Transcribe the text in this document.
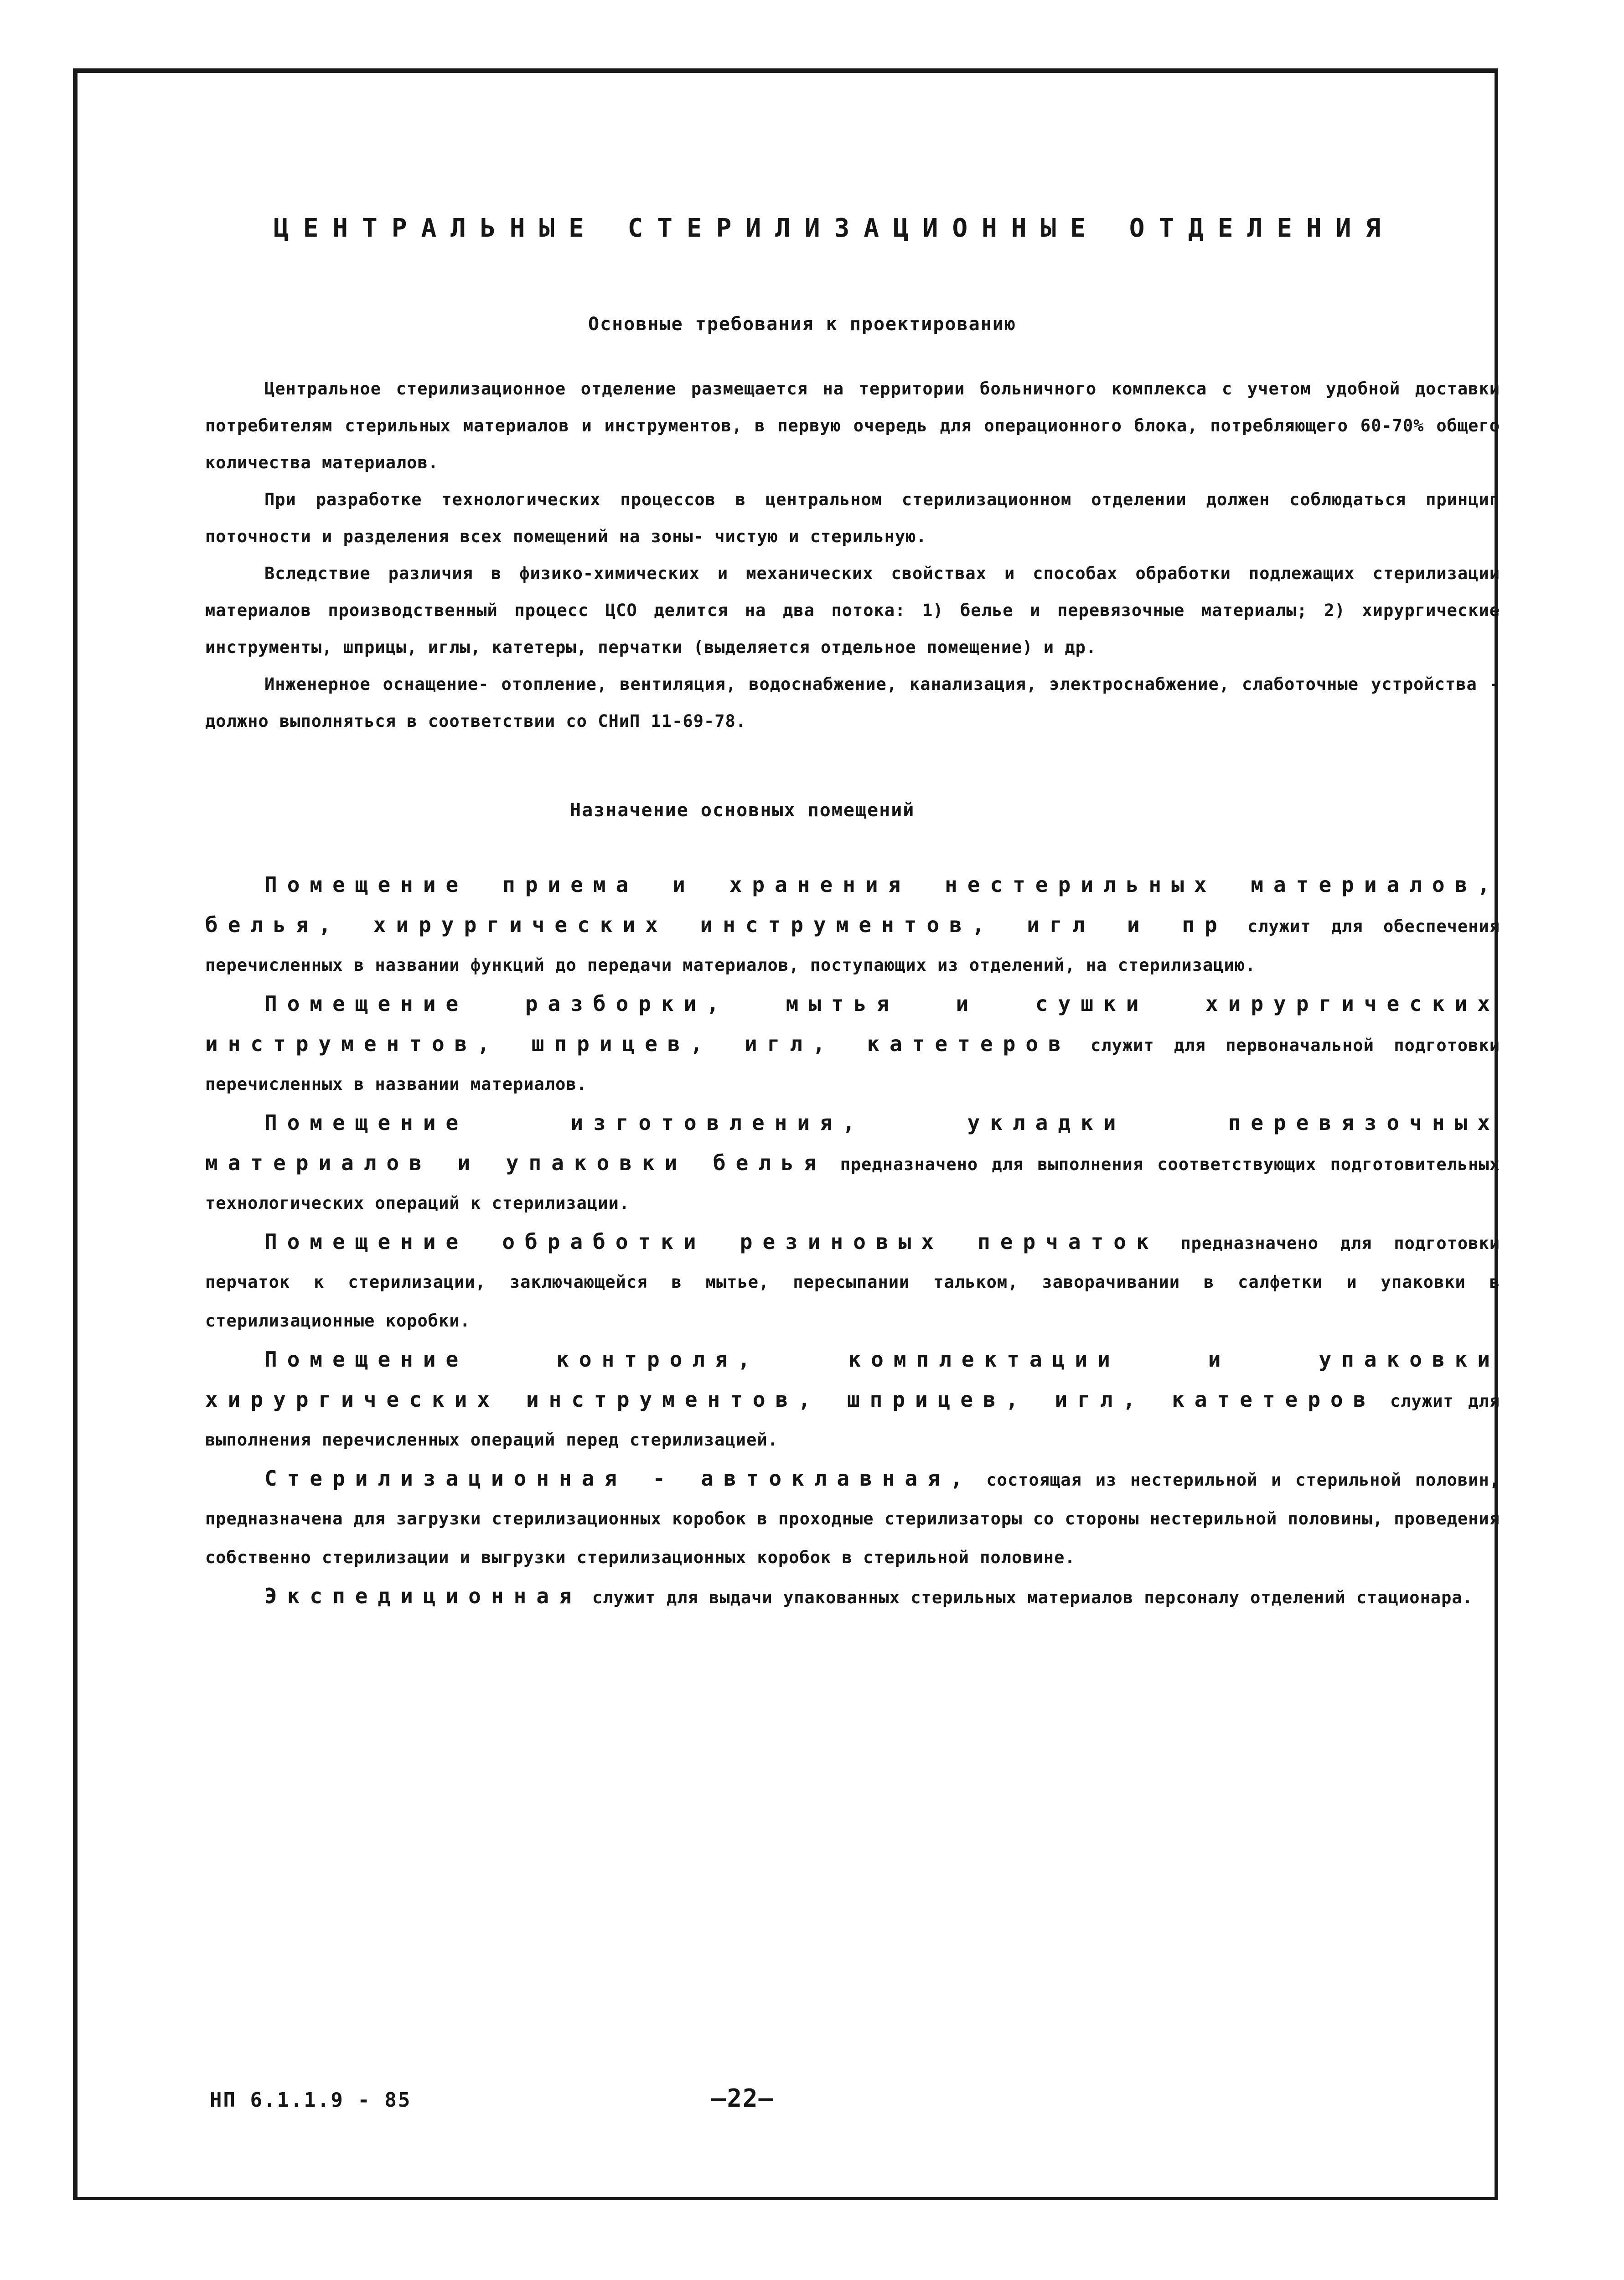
ЦЕНТРАЛЬНЫЕ СТЕРИЛИЗАЦИОННЫЕ ОТДЕЛЕНИЯ
Основные требования к проектированию

Центральное стерилизационное отделение размещается на территории больничного комплекса с учетом удобной доставки потребителям стерильных материалов и инструментов, в первую очередь для операционного блока, потребляющего 60-70% общего количества материалов.

При разработке технологических процессов в центральном стерилизационном отделении должен соблюдаться принцип поточности и разделения всех помещений на зоны- чистую и стерильную.

Вследствие различия в физико-химических и механических свойствах и способах обработки подлежащих стерилизации материалов производственный процесс ЦСО делится на два потока: 1) белье и перевязочные материалы; 2) хирургические инструменты, шприцы, иглы, катетеры, перчатки (выделяется отдельное помещение) и др.

Инженерное оснащение- отопление, вентиляция, водоснабжение, канализация, электроснабжение, слаботочные устройства - должно выполняться в соответствии со СНиП 11-69-78.

Назначение основных помещений

Помещение приема и хранения нестерильных материалов, белья, хирургических инструментов, игл и пр служит для обеспечения перечисленных в названии функций до передачи материалов, поступающих из отделений, на стерилизацию.

Помещение разборки, мытья и сушки хирургических инструментов, шприцев, игл, катетеров служит для первоначальной подготовки перечисленных в названии материалов.

Помещение изготовления, укладки перевязочных материалов и упаковки белья предназначено для выполнения соответствующих подготовительных технологических операций к стерилизации.

Помещение обработки резиновых перчаток предназначено для подготовки перчаток к стерилизации, заключающейся в мытье, пересыпании тальком, заворачивании в салфетки и упаковки в стерилизационные коробки.

Помещение контроля, комплектации и упаковки хирургических инструментов, шприцев, игл, катетеров служит для выполнения перечисленных операций перед стерилизацией.

Стерилизационная - автоклавная, состоящая из нестерильной и стерильной половин, предназначена для загрузки стерилизационных коробок в проходные стерилизаторы со стороны нестерильной половины, проведения собственно стерилизации и выгрузки стерилизационных коробок в стерильной половине.

Экспедиционная служит для выдачи упакованных стерильных материалов персоналу отделений стационара.

НП 6.1.1.9 - 85	—22—
